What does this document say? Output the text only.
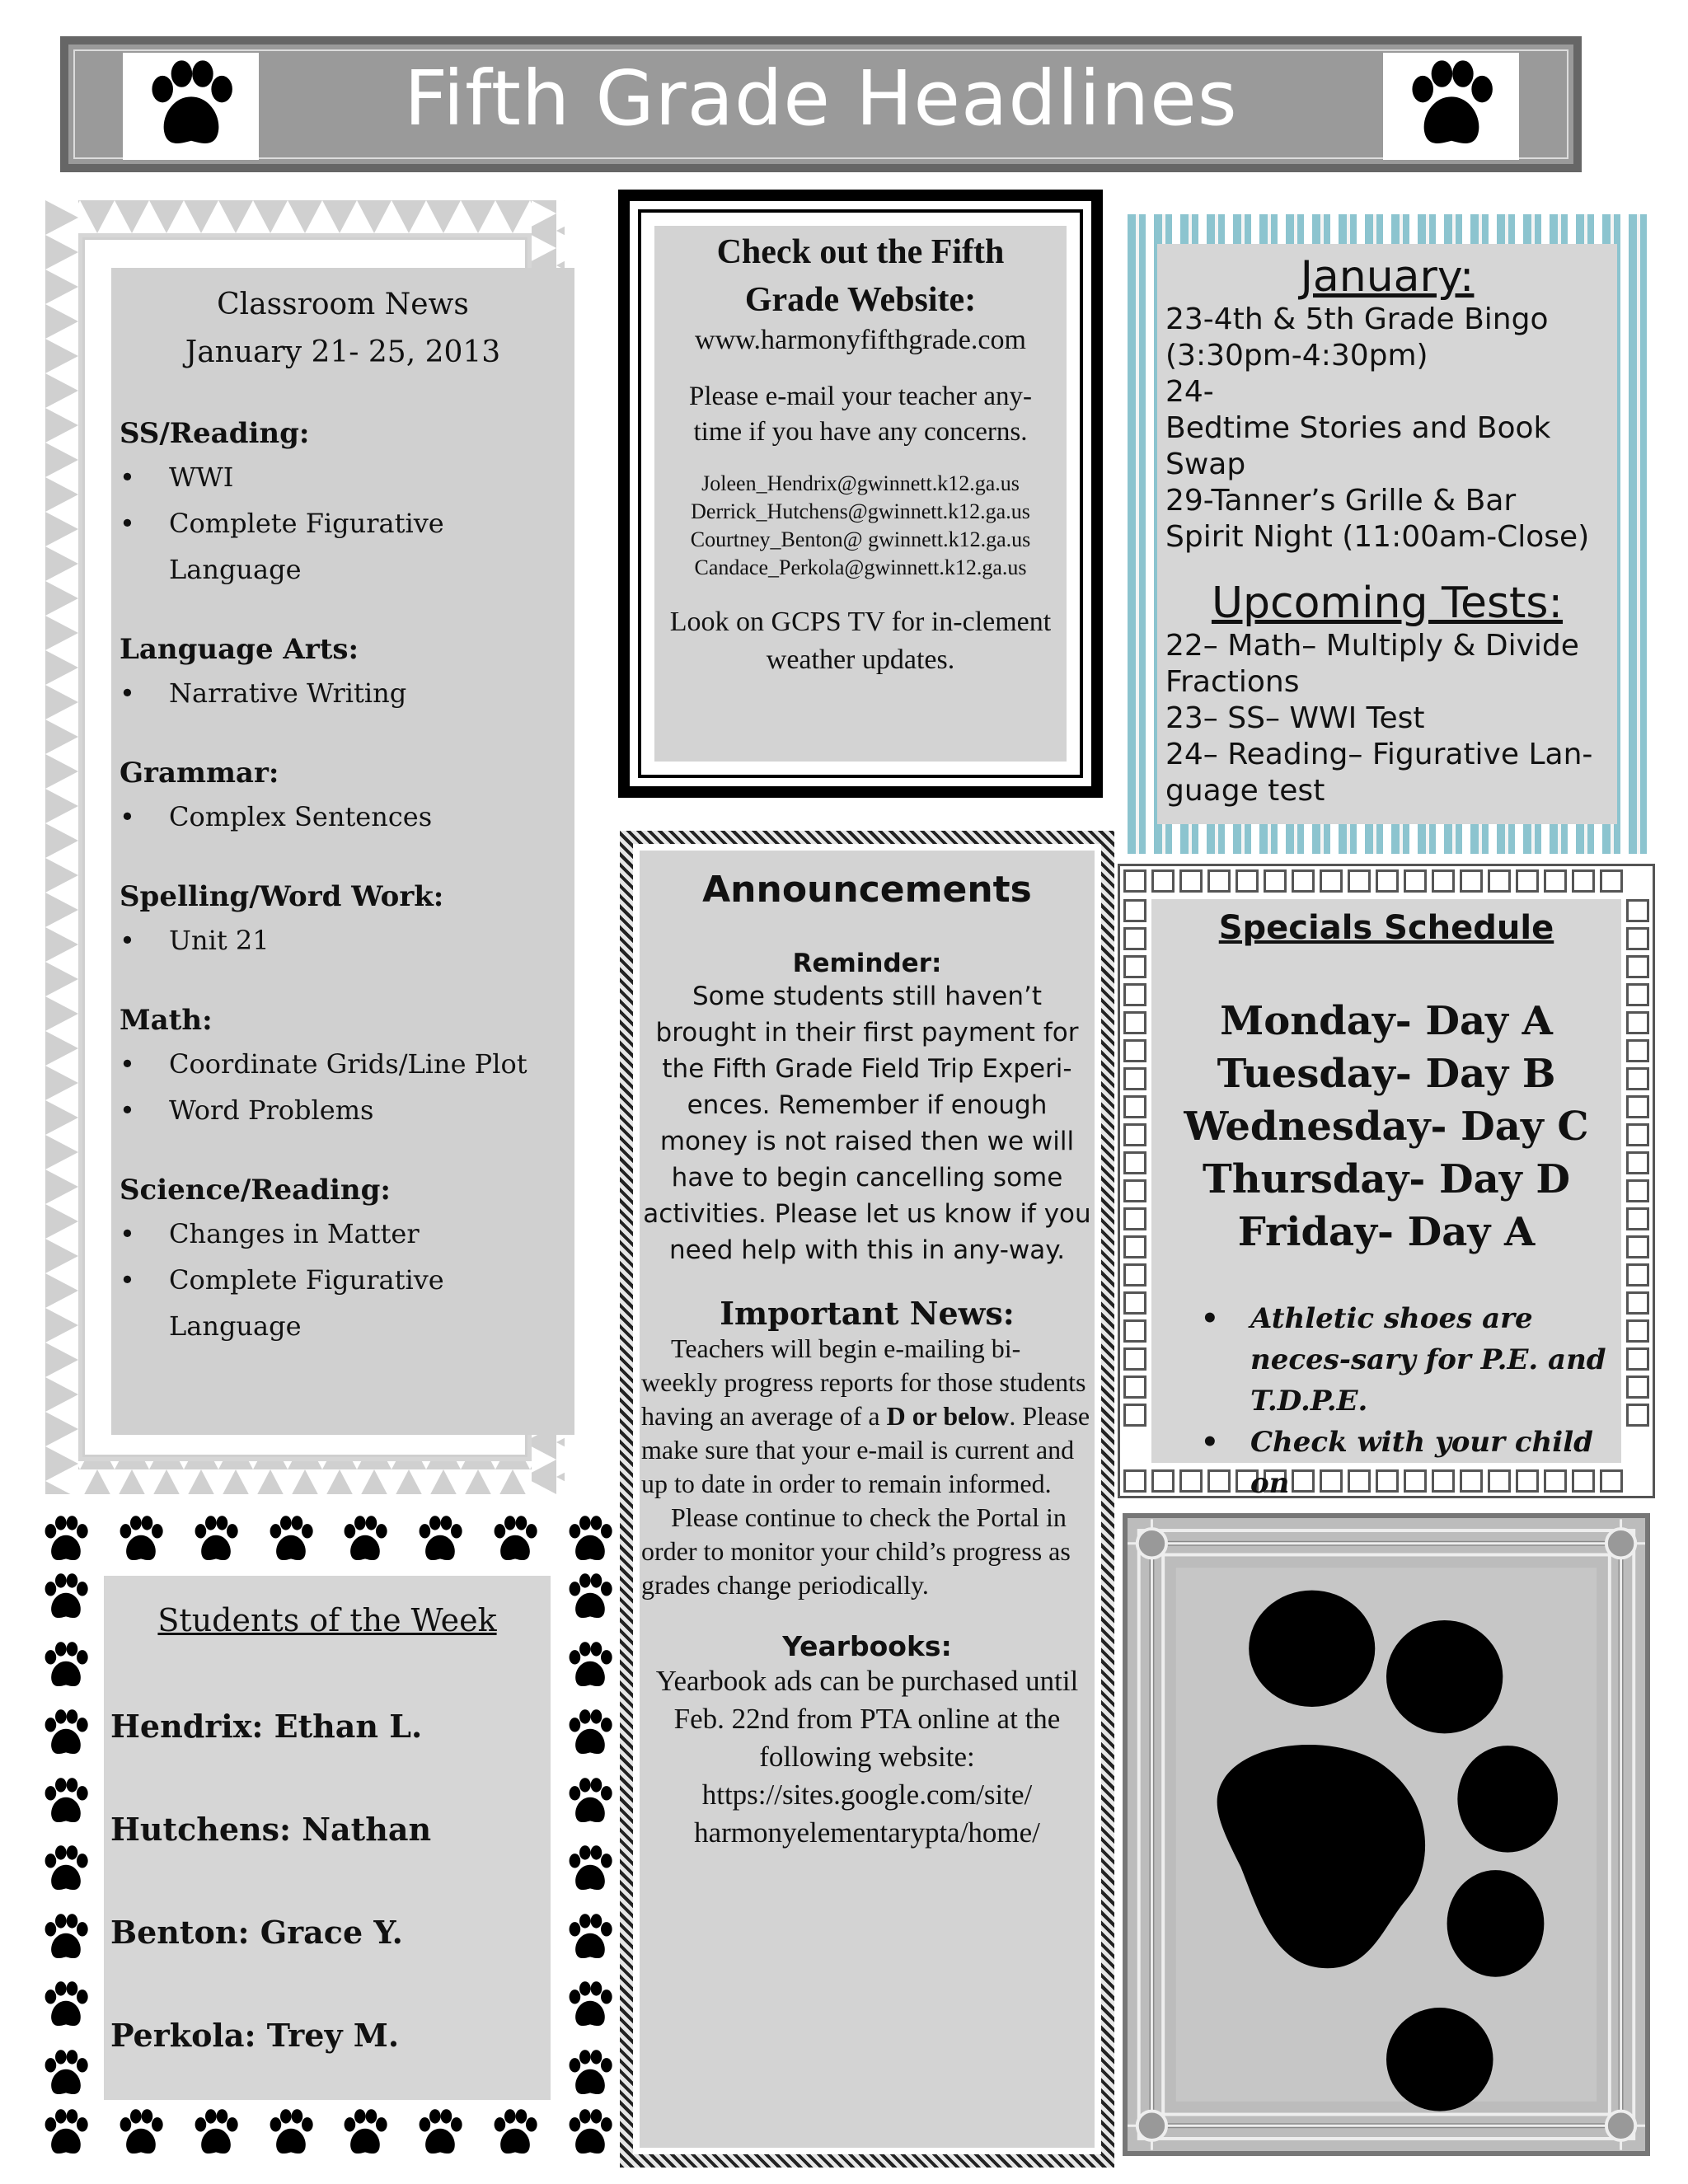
Fifth Grade Headlines
Classroom News
January 21- 25, 2013
SS/Reading:
• WWI
• Complete Figurative Language
Language Arts:
• Narrative Writing
Grammar:
• Complex Sentences
Spelling/Word Work:
• Unit 21
Math:
• Coordinate Grids/Line Plot
• Word Problems
Science/Reading:
• Changes in Matter
• Complete Figurative Language
Students of the Week
Hendrix: Ethan L.
Hutchens: Nathan
Benton: Grace Y.
Perkola: Trey M.
Check out the Fifth
Grade Website:
www.harmonyfifthgrade.com
Please e-mail your teacher any-time if you have any concerns.
Joleen_Hendrix@gwinnett.k12.ga.us
Derrick_Hutchens@gwinnett.k12.ga.us
Courtney_Benton@ gwinnett.k12.ga.us
Candace_Perkola@gwinnett.k12.ga.us
Look on GCPS TV for in-clement weather updates.
Announcements
Reminder:
Some students still haven’t brought in their first payment for the Fifth Grade Field Trip Experi-ences. Remember if enough money is not raised then we will have to begin cancelling some activities. Please let us know if you need help with this in any-way.
Important News:
Teachers will begin e-mailing bi-weekly progress reports for those students having an average of a D or below. Please make sure that your e-mail is current and up to date in order to remain informed.
Please continue to check the Portal in order to monitor your child’s progress as grades change periodically.
Yearbooks:
Yearbook ads can be purchased until Feb. 22nd from PTA online at the following website:
https://sites.google.com/site/
harmonyelementarypta/home/
January:
23-4th & 5th Grade Bingo
(3:30pm-4:30pm)
24-
Bedtime Stories and Book
Swap
29-Tanner’s Grille & Bar
Spirit Night (11:00am-Close)
Upcoming Tests:
22– Math– Multiply & Divide
Fractions
23– SS– WWI Test
24– Reading– Figurative Lan-
guage test
Specials Schedule
Monday- Day A
Tuesday- Day B
Wednesday- Day C
Thursday- Day D
Friday- Day A
• Athletic shoes are neces-sary for P.E. and T.D.P.E.
• Check with your child on
